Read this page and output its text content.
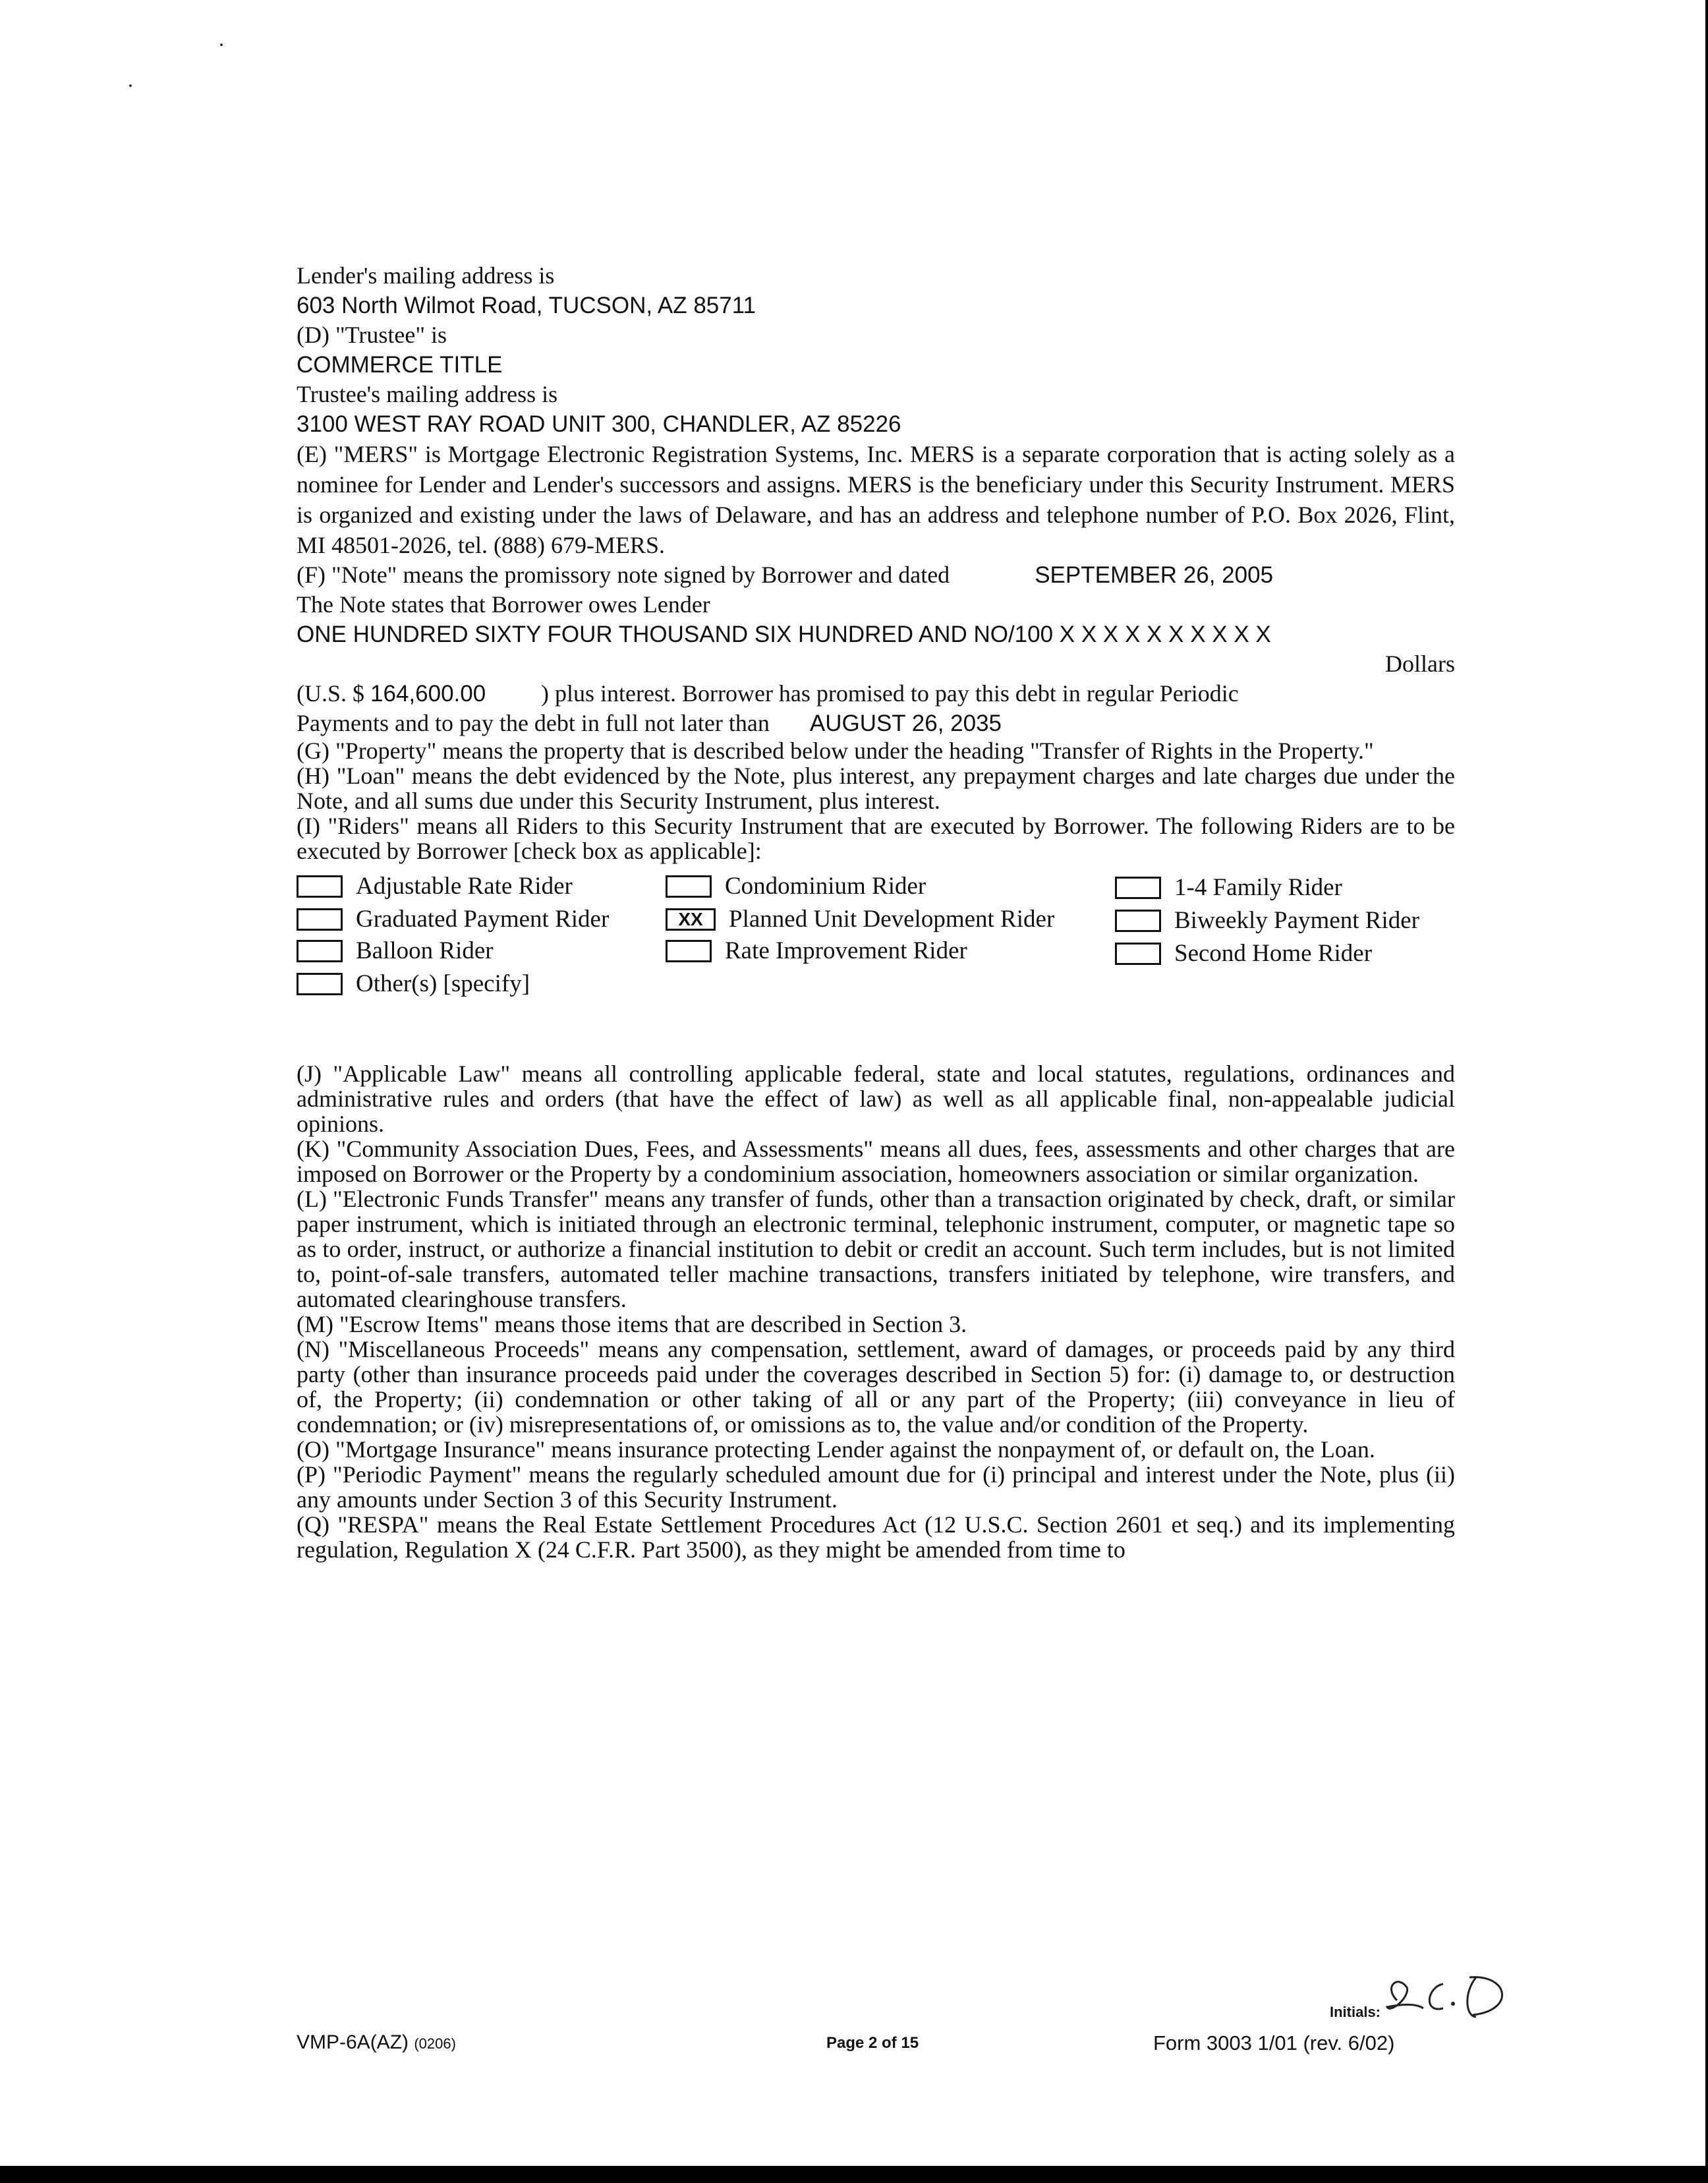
Lender's mailing address is
603 North Wilmot Road, TUCSON, AZ 85711
(D) "Trustee" is
COMMERCE TITLE
Trustee's mailing address is
3100 WEST RAY ROAD UNIT 300, CHANDLER, AZ 85226
(E) "MERS" is Mortgage Electronic Registration Systems, Inc. MERS is a separate corporation that is acting solely as a nominee for Lender and Lender's successors and assigns. MERS is the beneficiary under this Security Instrument. MERS is organized and existing under the laws of Delaware, and has an address and telephone number of P.O. Box 2026, Flint, MI 48501-2026, tel. (888) 679-MERS.
(F) "Note" means the promissory note signed by Borrower and dated	SEPTEMBER 26, 2005
The Note states that Borrower owes Lender
ONE HUNDRED SIXTY FOUR THOUSAND SIX HUNDRED AND NO/100 X X X X X X X X X X
Dollars
(U.S. $ 164,600.00 ) plus interest. Borrower has promised to pay this debt in regular Periodic
Payments and to pay the debt in full not later than AUGUST 26, 2035
(G) "Property" means the property that is described below under the heading "Transfer of Rights in the Property."
(H) "Loan" means the debt evidenced by the Note, plus interest, any prepayment charges and late charges due under the Note, and all sums due under this Security Instrument, plus interest.
(I) "Riders" means all Riders to this Security Instrument that are executed by Borrower. The following Riders are to be executed by Borrower [check box as applicable]:
Adjustable Rate Rider	Condominium Rider	1-4 Family Rider
Graduated Payment Rider	XX	Planned Unit Development Rider	Biweekly Payment Rider
Balloon Rider	Rate Improvement Rider	Second Home Rider
Other(s) [specify]
(J) "Applicable Law" means all controlling applicable federal, state and local statutes, regulations, ordinances and administrative rules and orders (that have the effect of law) as well as all applicable final, non-appealable judicial opinions.
(K) "Community Association Dues, Fees, and Assessments" means all dues, fees, assessments and other charges that are imposed on Borrower or the Property by a condominium association, homeowners association or similar organization.
(L) "Electronic Funds Transfer" means any transfer of funds, other than a transaction originated by check, draft, or similar paper instrument, which is initiated through an electronic terminal, telephonic instrument, computer, or magnetic tape so as to order, instruct, or authorize a financial institution to debit or credit an account. Such term includes, but is not limited to, point-of-sale transfers, automated teller machine transactions, transfers initiated by telephone, wire transfers, and automated clearinghouse transfers.
(M) "Escrow Items" means those items that are described in Section 3.
(N) "Miscellaneous Proceeds" means any compensation, settlement, award of damages, or proceeds paid by any third party (other than insurance proceeds paid under the coverages described in Section 5) for: (i) damage to, or destruction of, the Property; (ii) condemnation or other taking of all or any part of the Property; (iii) conveyance in lieu of condemnation; or (iv) misrepresentations of, or omissions as to, the value and/or condition of the Property.
(O) "Mortgage Insurance" means insurance protecting Lender against the nonpayment of, or default on, the Loan.
(P) "Periodic Payment" means the regularly scheduled amount due for (i) principal and interest under the Note, plus (ii) any amounts under Section 3 of this Security Instrument.
(Q) "RESPA" means the Real Estate Settlement Procedures Act (12 U.S.C. Section 2601 et seq.) and its implementing regulation, Regulation X (24 C.F.R. Part 3500), as they might be amended from time to
Initials:
VMP-6A(AZ) (0206)	Page 2 of 15	Form 3003 1/01 (rev. 6/02)
